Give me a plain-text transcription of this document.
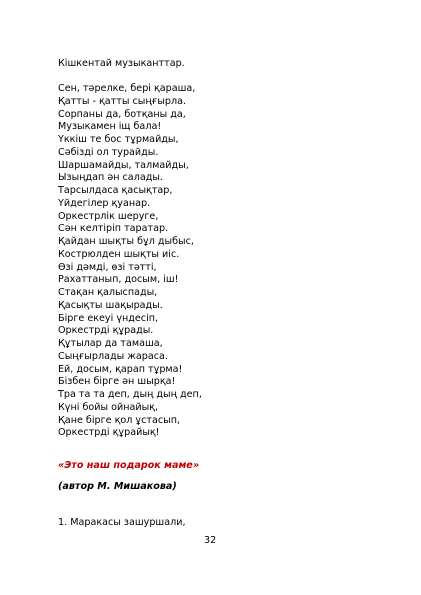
Кішкентай музыканттар.
Сен, тәрелке, бері қараша,
Қатты - қатты сыңғырла.
Сорпаны да, ботқаны да,
Музыкамен іщ бала!
Үккіш те бос тұрмайды,
Сәбізді ол турайды.
Шаршамайды, талмайды,
Ызыңдап ән салады.
Тарсылдаса қасықтар,
Үйдегілер қуанар.
Оркестрлік шеруге,
Сән келтіріп таратар.
Қайдан шықты бұл дыбыс,
Кострюлден шықты иіс.
Өзі дәмді, өзі тәтті,
Рахаттанып, досым, іш!
Стақан қалыспады,
Қасықты шақырады.
Бірге екеуі үндесіп,
Оркестрді құрады.
Құтылар да тамаша,
Сыңғырлады жараса.
Ей, досым, қарап тұрма!
Бізбен бірге ән шырқа!
Тра та та деп, дың дың деп,
Күні бойы ойнайық,
Қане бірге қол ұстасып,
Оркестрді құрайық!
«Это наш подарок маме»
(автор М. Мишакова)
1. Маракасы зашуршали,
32
